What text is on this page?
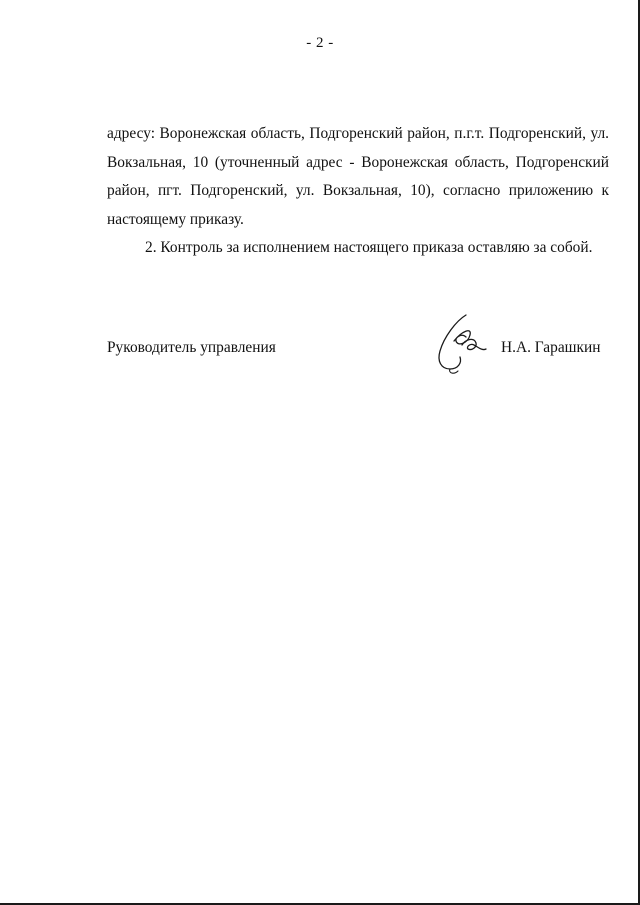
- 2 -

адресу: Воронежская область, Подгоренский район, п.г.т. Подгоренский, ул. Вокзальная, 10 (уточненный адрес - Воронежская область, Подгоренский район, пгт. Подгоренский, ул. Вокзальная, 10), согласно приложению к настоящему приказу.

2. Контроль за исполнением настоящего приказа оставляю за собой.

Руководитель управления	Н.А. Гарашкин
